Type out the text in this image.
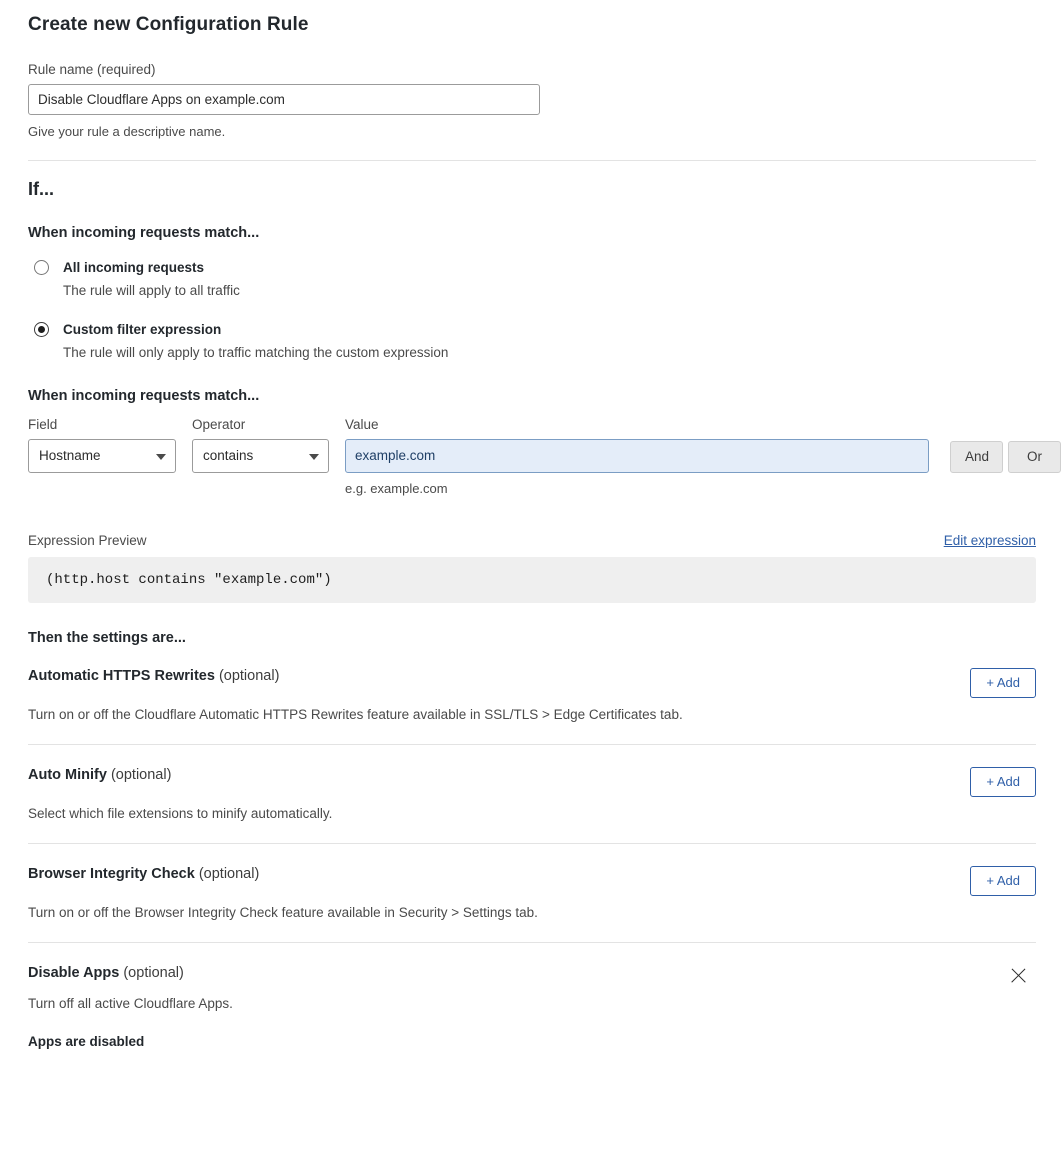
Create new Configuration Rule
Rule name (required)
Disable Cloudflare Apps on example.com
Give your rule a descriptive name.
If...
When incoming requests match...
All incoming requests
The rule will apply to all traffic
Custom filter expression
The rule will only apply to traffic matching the custom expression
When incoming requests match...
Field
Hostname
Operator
contains
Value
example.com
e.g. example.com
And	Or
Expression Preview	Edit expression
(http.host contains "example.com")
Then the settings are...
Automatic HTTPS Rewrites (optional)	+ Add
Turn on or off the Cloudflare Automatic HTTPS Rewrites feature available in SSL/TLS > Edge Certificates tab.
Auto Minify (optional)	+ Add
Select which file extensions to minify automatically.
Browser Integrity Check (optional)	+ Add
Turn on or off the Browser Integrity Check feature available in Security > Settings tab.
Disable Apps (optional)
Turn off all active Cloudflare Apps.
Apps are disabled
